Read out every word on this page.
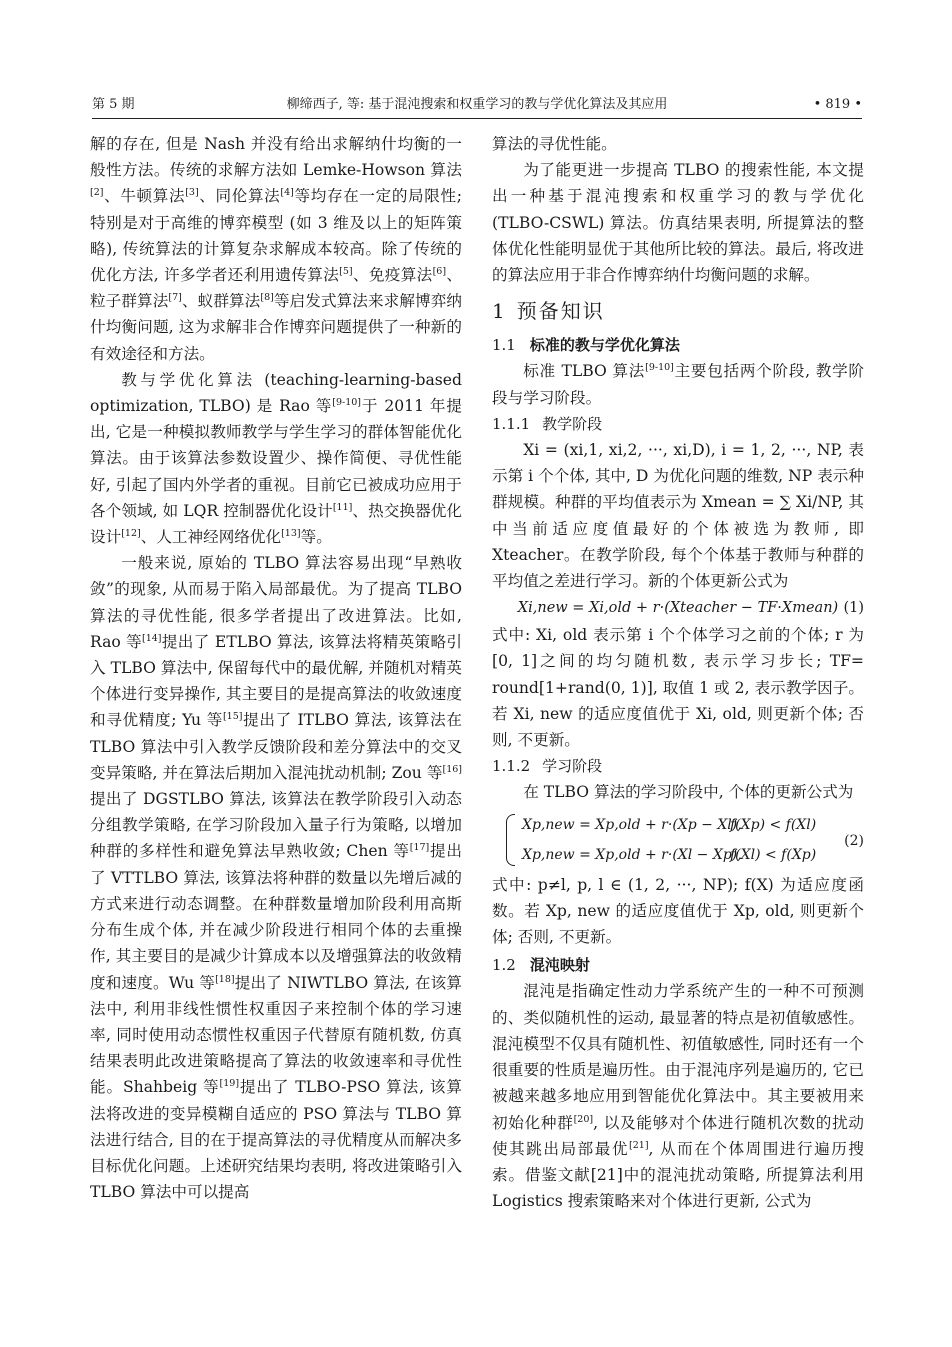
第 5 期	柳缔西子, 等: 基于混沌搜索和权重学习的教与学优化算法及其应用	• 819 •

解的存在, 但是 Nash 并没有给出求解纳什均衡的一般性方法。传统的求解方法如 Lemke-Howson 算法[2]、牛顿算法[3]、同伦算法[4]等均存在一定的局限性; 特别是对于高维的博弈模型 (如 3 维及以上的矩阵策略), 传统算法的计算复杂求解成本较高。除了传统的优化方法, 许多学者还利用遗传算法[5]、免疫算法[6]、粒子群算法[7]、蚁群算法[8]等启发式算法来求解博弈纳什均衡问题, 这为求解非合作博弈问题提供了一种新的有效途径和方法。

教与学优化算法 (teaching-learning-based optimization, TLBO) 是 Rao 等[9-10]于 2011 年提出, 它是一种模拟教师教学与学生学习的群体智能优化算法。由于该算法参数设置少、操作简便、寻优性能好, 引起了国内外学者的重视。目前它已被成功应用于各个领域, 如 LQR 控制器优化设计[11]、热交换器优化设计[12]、人工神经网络优化[13]等。

一般来说, 原始的 TLBO 算法容易出现“早熟收敛”的现象, 从而易于陷入局部最优。为了提高 TLBO 算法的寻优性能, 很多学者提出了改进算法。比如, Rao 等[14]提出了 ETLBO 算法, 该算法将精英策略引入 TLBO 算法中, 保留每代中的最优解, 并随机对精英个体进行变异操作, 其主要目的是提高算法的收敛速度和寻优精度; Yu 等[15]提出了 ITLBO 算法, 该算法在 TLBO 算法中引入教学反馈阶段和差分算法中的交叉变异策略, 并在算法后期加入混沌扰动机制; Zou 等[16]提出了 DGSTLBO 算法, 该算法在教学阶段引入动态分组教学策略, 在学习阶段加入量子行为策略, 以增加种群的多样性和避免算法早熟收敛; Chen 等[17]提出了 VTTLBO 算法, 该算法将种群的数量以先增后减的方式来进行动态调整。在种群数量增加阶段利用高斯分布生成个体, 并在减少阶段进行相同个体的去重操作, 其主要目的是减少计算成本以及增强算法的收敛精度和速度。Wu 等[18]提出了 NIWTLBO 算法, 在该算法中, 利用非线性惯性权重因子来控制个体的学习速率, 同时使用动态惯性权重因子代替原有随机数, 仿真结果表明此改进策略提高了算法的收敛速率和寻优性能。Shahbeig 等[19]提出了 TLBO-PSO 算法, 该算法将改进的变异模糊自适应的 PSO 算法与 TLBO 算法进行结合, 目的在于提高算法的寻优精度从而解决多目标优化问题。上述研究结果均表明, 将改进策略引入 TLBO 算法中可以提高

算法的寻优性能。

为了能更进一步提高 TLBO 的搜索性能, 本文提出一种基于混沌搜索和权重学习的教与学优化 (TLBO-CSWL) 算法。仿真结果表明, 所提算法的整体优化性能明显优于其他所比较的算法。最后, 将改进的算法应用于非合作博弈纳什均衡问题的求解。

1 预备知识
1.1 标准的教与学优化算法

标准 TLBO 算法[9-10]主要包括两个阶段, 教学阶段与学习阶段。

1.1.1 教学阶段

Xi = (xi,1, xi,2, ···, xi,D), i = 1, 2, ···, NP, 表示第 i 个个体, 其中, D 为优化问题的维数, NP 表示种群规模。种群的平均值表示为 Xmean = ∑ Xi/NP, 其中当前适应度值最好的个体被选为教师, 即 Xteacher。在教学阶段, 每个个体基于教师与种群的平均值之差进行学习。新的个体更新公式为

Xi,new = Xi,old + r·(Xteacher − TF·Xmean) (1)

式中: Xi, old 表示第 i 个个体学习之前的个体; r 为[0, 1]之间的均匀随机数, 表示学习步长; TF= round[1+rand(0, 1)], 取值 1 或 2, 表示教学因子。若 Xi, new 的适应度值优于 Xi, old, 则更新个体; 否则, 不更新。

1.1.2 学习阶段

在 TLBO 算法的学习阶段中, 个体的更新公式为

Xp,new = Xp,old + r·(Xp − Xl),
f(Xp) < f(Xl)
Xp,new = Xp,old + r·(Xl − Xp),
f(Xl) < f(Xp)
(2)

式中: p≠l, p, l ∈ (1, 2, ···, NP); f(X) 为适应度函数。若 Xp, new 的适应度值优于 Xp, old, 则更新个体; 否则, 不更新。

1.2 混沌映射

混沌是指确定性动力学系统产生的一种不可预测的、类似随机性的运动, 最显著的特点是初值敏感性。混沌模型不仅具有随机性、初值敏感性, 同时还有一个很重要的性质是遍历性。由于混沌序列是遍历的, 它已被越来越多地应用到智能优化算法中。其主要被用来初始化种群[20], 以及能够对个体进行随机次数的扰动使其跳出局部最优[21], 从而在个体周围进行遍历搜索。借鉴文献[21]中的混沌扰动策略, 所提算法利用 Logistics 搜索策略来对个体进行更新, 公式为
